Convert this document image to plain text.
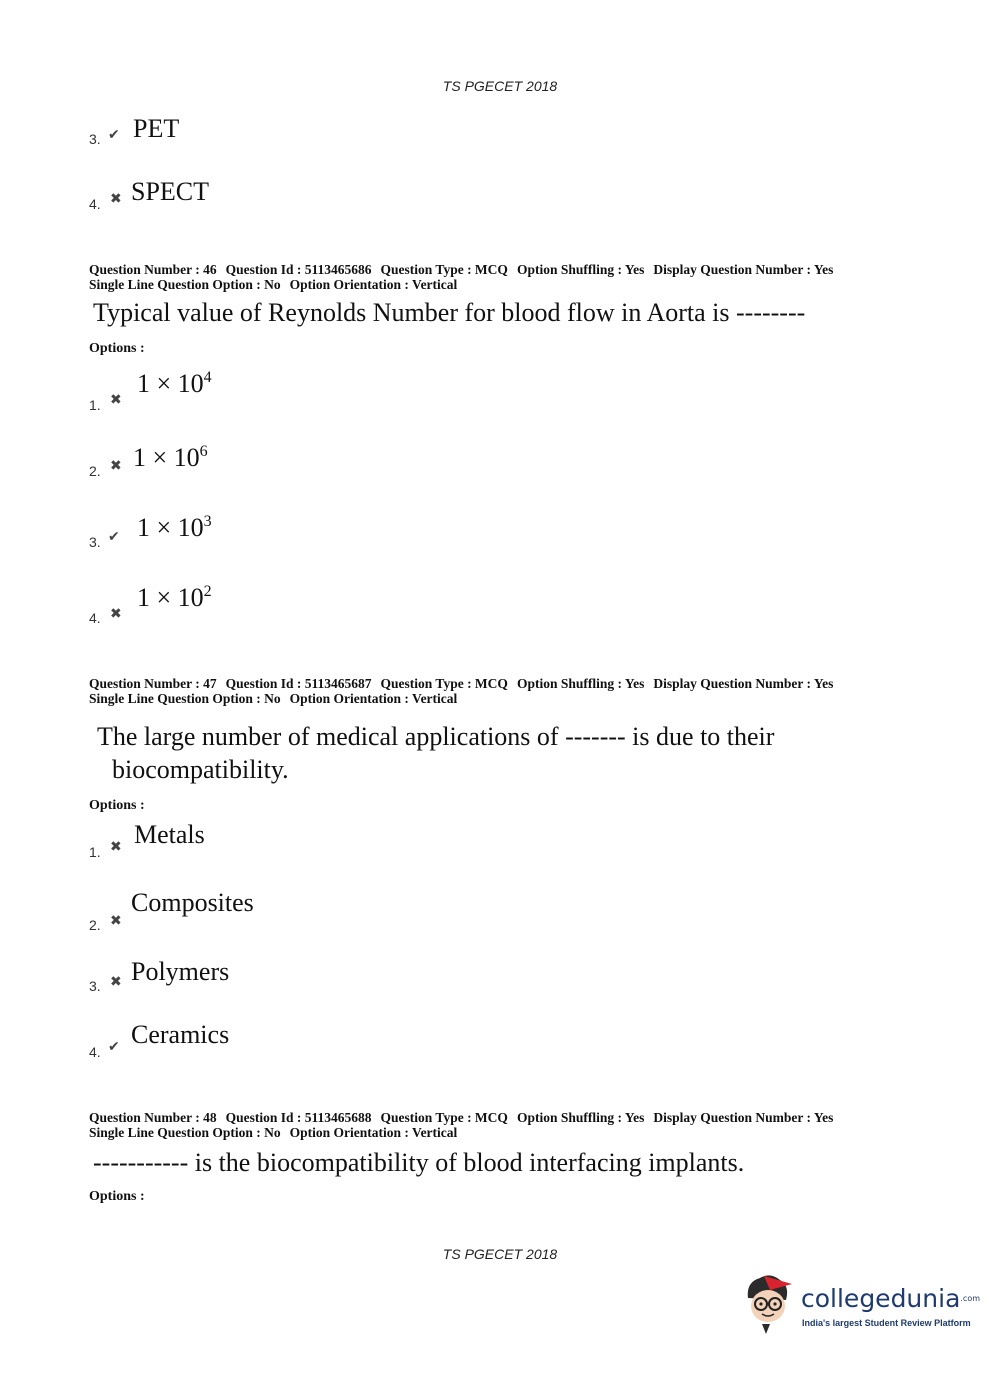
TS PGECET 2018
3. ✔ PET
4. ✖ SPECT
Question Number : 46 Question Id : 5113465686 Question Type : MCQ Option Shuffling : Yes Display Question Number : Yes
Single Line Question Option : No Option Orientation : Vertical
Typical value of Reynolds Number for blood flow in Aorta is --------
Options :
1. ✖
$1 \times 10^4$
2. ✖ $1 \times 10^6$
3. ✔ $1 \times 10^3$
4. ✖
$1 \times 10^2$
Question Number : 47 Question Id : 5113465687 Question Type : MCQ Option Shuffling : Yes Display Question Number : Yes
Single Line Question Option : No Option Orientation : Vertical
The large number of medical applications of ------- is due to their
biocompatibility.
Options :
1. ✖ Metals
2. ✖
Composites
3. ✖ Polymers
4. ✔ Ceramics
Question Number : 48 Question Id : 5113465688 Question Type : MCQ Option Shuffling : Yes Display Question Number : Yes
Single Line Question Option : No Option Orientation : Vertical
----------- is the biocompatibility of blood interfacing implants.
Options :
TS PGECET 2018
collegedunia$^{.com}$
India's largest Student Review Platform
